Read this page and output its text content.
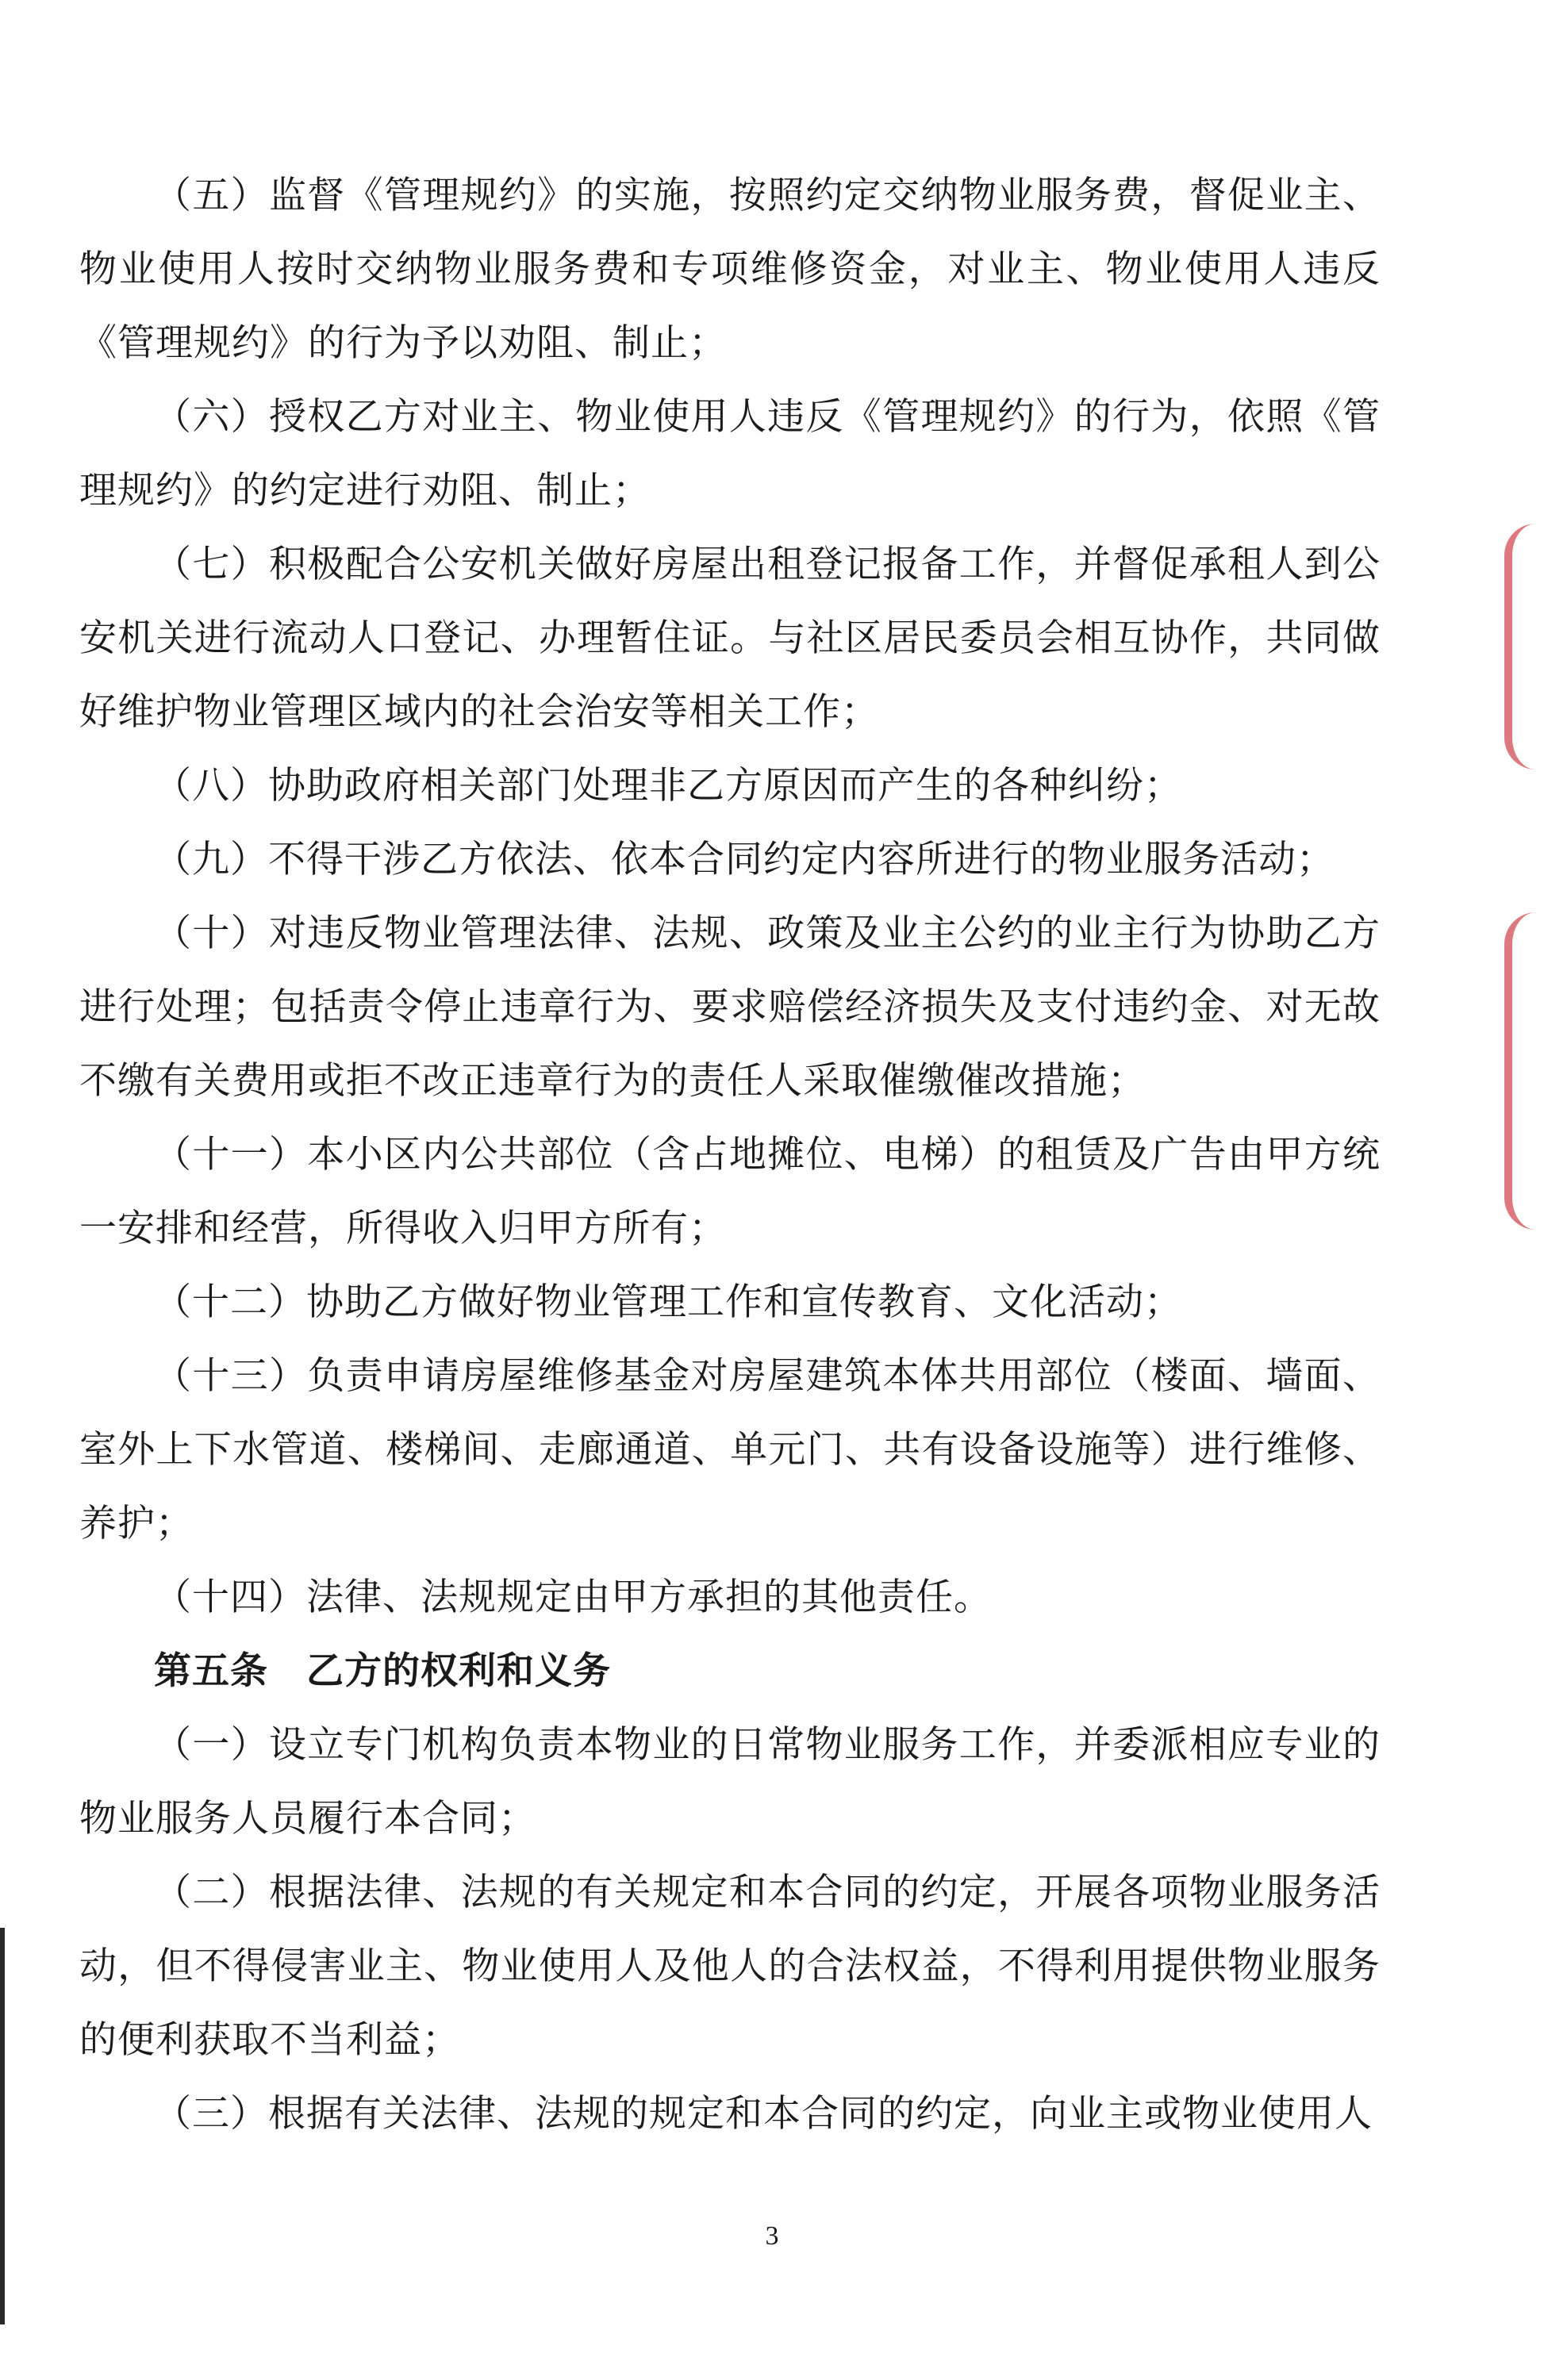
（五）监督《管理规约》的实施，按照约定交纳物业服务费，督促业主、物业使用人按时交纳物业服务费和专项维修资金，对业主、物业使用人违反《管理规约》的行为予以劝阻、制止；

（六）授权乙方对业主、物业使用人违反《管理规约》的行为，依照《管理规约》的约定进行劝阻、制止；

（七）积极配合公安机关做好房屋出租登记报备工作，并督促承租人到公安机关进行流动人口登记、办理暂住证。与社区居民委员会相互协作，共同做好维护物业管理区域内的社会治安等相关工作；

（八）协助政府相关部门处理非乙方原因而产生的各种纠纷；

（九）不得干涉乙方依法、依本合同约定内容所进行的物业服务活动；

（十）对违反物业管理法律、法规、政策及业主公约的业主行为协助乙方进行处理；包括责令停止违章行为、要求赔偿经济损失及支付违约金、对无故不缴有关费用或拒不改正违章行为的责任人采取催缴催改措施；

（十一）本小区内公共部位（含占地摊位、电梯）的租赁及广告由甲方统一安排和经营，所得收入归甲方所有；

（十二）协助乙方做好物业管理工作和宣传教育、文化活动；

（十三）负责申请房屋维修基金对房屋建筑本体共用部位（楼面、墙面、室外上下水管道、楼梯间、走廊通道、单元门、共有设备设施等）进行维修、养护；

（十四）法律、法规规定由甲方承担的其他责任。

第五条　乙方的权利和义务

（一）设立专门机构负责本物业的日常物业服务工作，并委派相应专业的物业服务人员履行本合同；

（二）根据法律、法规的有关规定和本合同的约定，开展各项物业服务活动，但不得侵害业主、物业使用人及他人的合法权益，不得利用提供物业服务的便利获取不当利益；

（三）根据有关法律、法规的规定和本合同的约定，向业主或物业使用人

3
